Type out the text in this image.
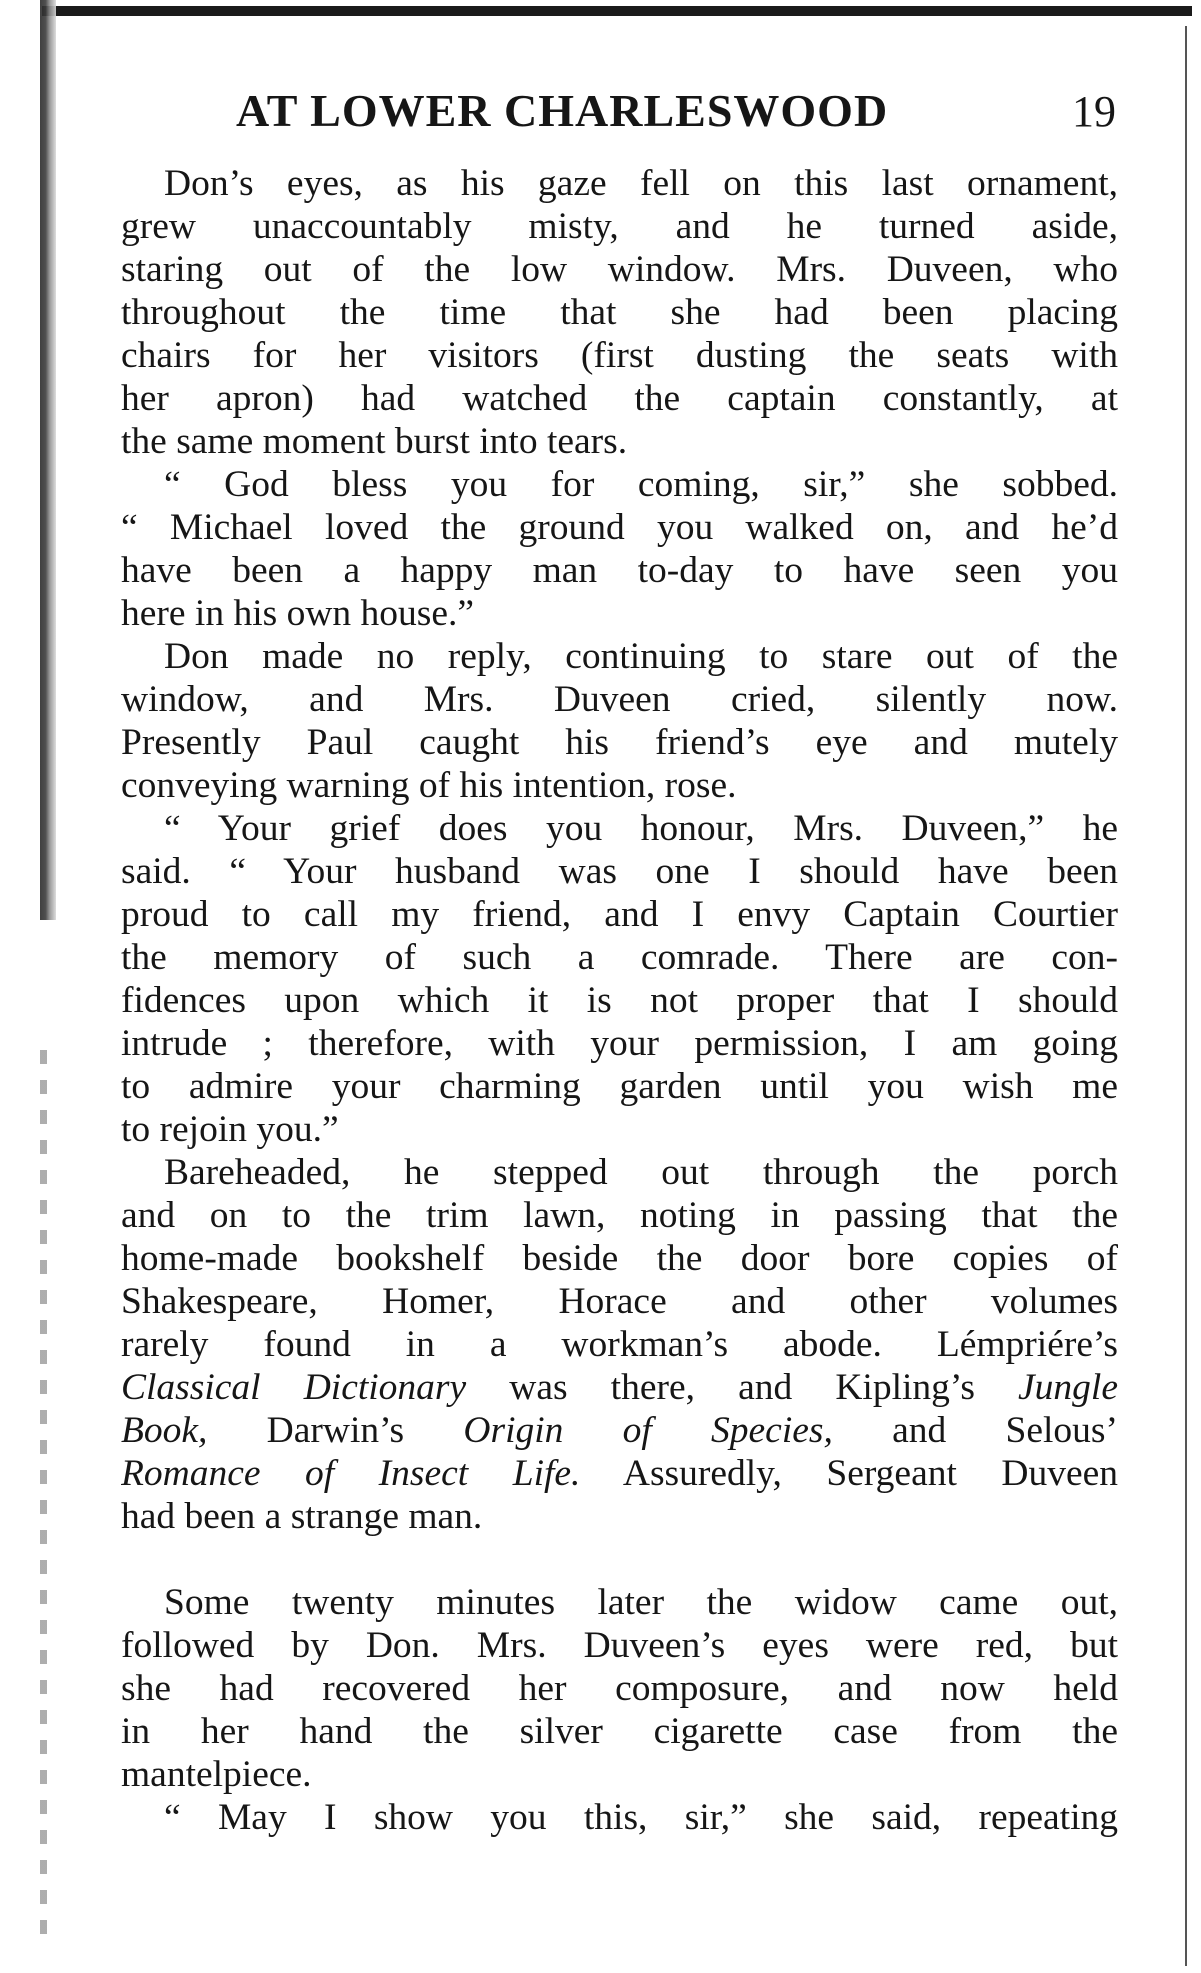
AT LOWER CHARLESWOOD	19
Don’s eyes, as his gaze fell on this last ornament,
grew unaccountably misty, and he turned aside,
staring out of the low window. Mrs. Duveen, who
throughout the time that she had been placing
chairs for her visitors (first dusting the seats with
her apron) had watched the captain constantly, at
the same moment burst into tears.
“ God bless you for coming, sir,” she sobbed.
“ Michael loved the ground you walked on, and he’d
have been a happy man to-day to have seen you
here in his own house.”
Don made no reply, continuing to stare out of the
window, and Mrs. Duveen cried, silently now.
Presently Paul caught his friend’s eye and mutely
conveying warning of his intention, rose.
“ Your grief does you honour, Mrs. Duveen,” he
said. “ Your husband was one I should have been
proud to call my friend, and I envy Captain Courtier
the memory of such a comrade. There are con-
fidences upon which it is not proper that I should
intrude ; therefore, with your permission, I am going
to admire your charming garden until you wish me
to rejoin you.”
Bareheaded, he stepped out through the porch
and on to the trim lawn, noting in passing that the
home-made bookshelf beside the door bore copies of
Shakespeare, Homer, Horace and other volumes
rarely found in a workman’s abode. Lémpriére’s
Classical Dictionary was there, and Kipling’s Jungle
Book, Darwin’s Origin of Species, and Selous’
Romance of Insect Life. Assuredly, Sergeant Duveen
had been a strange man.
Some twenty minutes later the widow came out,
followed by Don. Mrs. Duveen’s eyes were red, but
she had recovered her composure, and now held
in her hand the silver cigarette case from the
mantelpiece.
“ May I show you this, sir,” she said, repeating
